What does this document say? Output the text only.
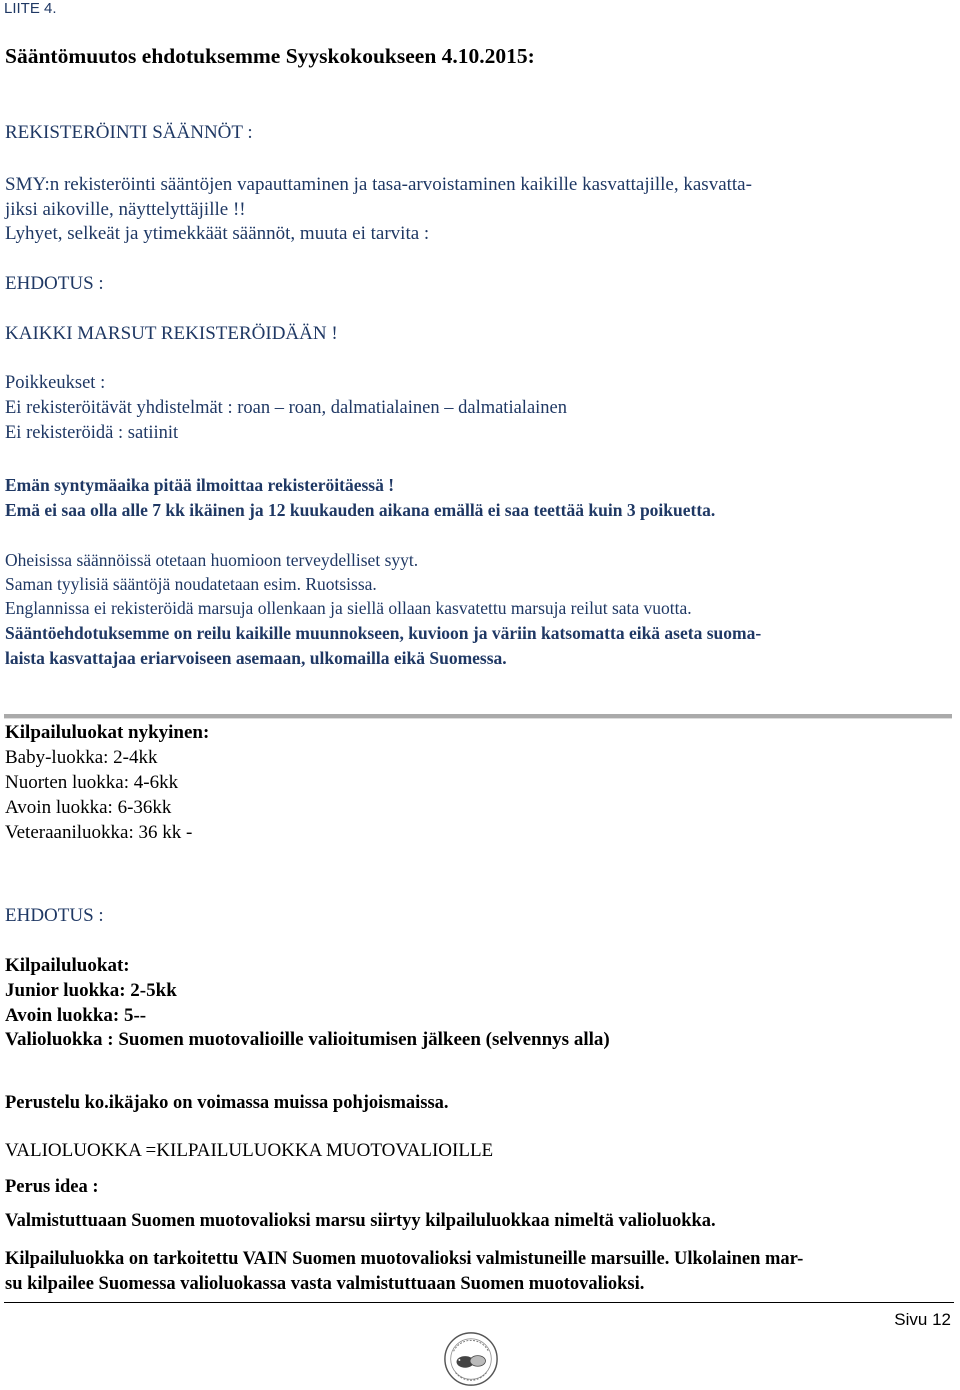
LIITE 4.
Sääntömuutos ehdotuksemme Syyskokoukseen 4.10.2015:
REKISTERÖINTI SÄÄNNÖT :
SMY:n rekisteröinti sääntöjen vapauttaminen ja tasa-arvoistaminen kaikille kasvattajille, kasvatta-
jiksi aikoville, näyttelyttäjille !!
Lyhyet, selkeät ja ytimekkäät säännöt, muuta ei tarvita :
EHDOTUS :
KAIKKI MARSUT REKISTERÖIDÄÄN !
Poikkeukset :
Ei rekisteröitävät yhdistelmät : roan – roan, dalmatialainen – dalmatialainen
Ei rekisteröidä : satiinit
Emän syntymäaika pitää ilmoittaa rekisteröitäessä !
Emä ei saa olla alle 7 kk ikäinen ja 12 kuukauden aikana emällä ei saa teettää kuin 3 poikuetta.
Oheisissa säännöissä otetaan huomioon terveydelliset syyt.
Saman tyylisiä sääntöjä noudatetaan esim. Ruotsissa.
Englannissa ei rekisteröidä marsuja ollenkaan ja siellä ollaan kasvatettu marsuja reilut sata vuotta.
Sääntöehdotuksemme on reilu kaikille muunnokseen, kuvioon ja väriin katsomatta eikä aseta suoma-
laista kasvattajaa eriarvoiseen asemaan, ulkomailla eikä Suomessa.
Kilpailuluokat nykyinen:
Baby-luokka: 2-4kk
Nuorten luokka: 4-6kk
Avoin luokka: 6-36kk
Veteraaniluokka: 36 kk -
EHDOTUS :
Kilpailuluokat:
Junior luokka: 2-5kk
Avoin luokka: 5--
Valioluokka : Suomen muotovalioille valioitumisen jälkeen (selvennys alla)
Perustelu ko.ikäjako on voimassa muissa pohjoismaissa.
VALIOLUOKKA =KILPAILULUOKKA MUOTOVALIOILLE
Perus idea :
Valmistuttuaan Suomen muotovalioksi marsu siirtyy kilpailuluokkaa nimeltä valioluokka.
Kilpailuluokka on tarkoitettu VAIN Suomen muotovalioksi valmistuneille marsuille. Ulkolainen mar-
su kilpailee Suomessa valioluokassa vasta valmistuttuaan Suomen muotovalioksi.
Sivu 12
